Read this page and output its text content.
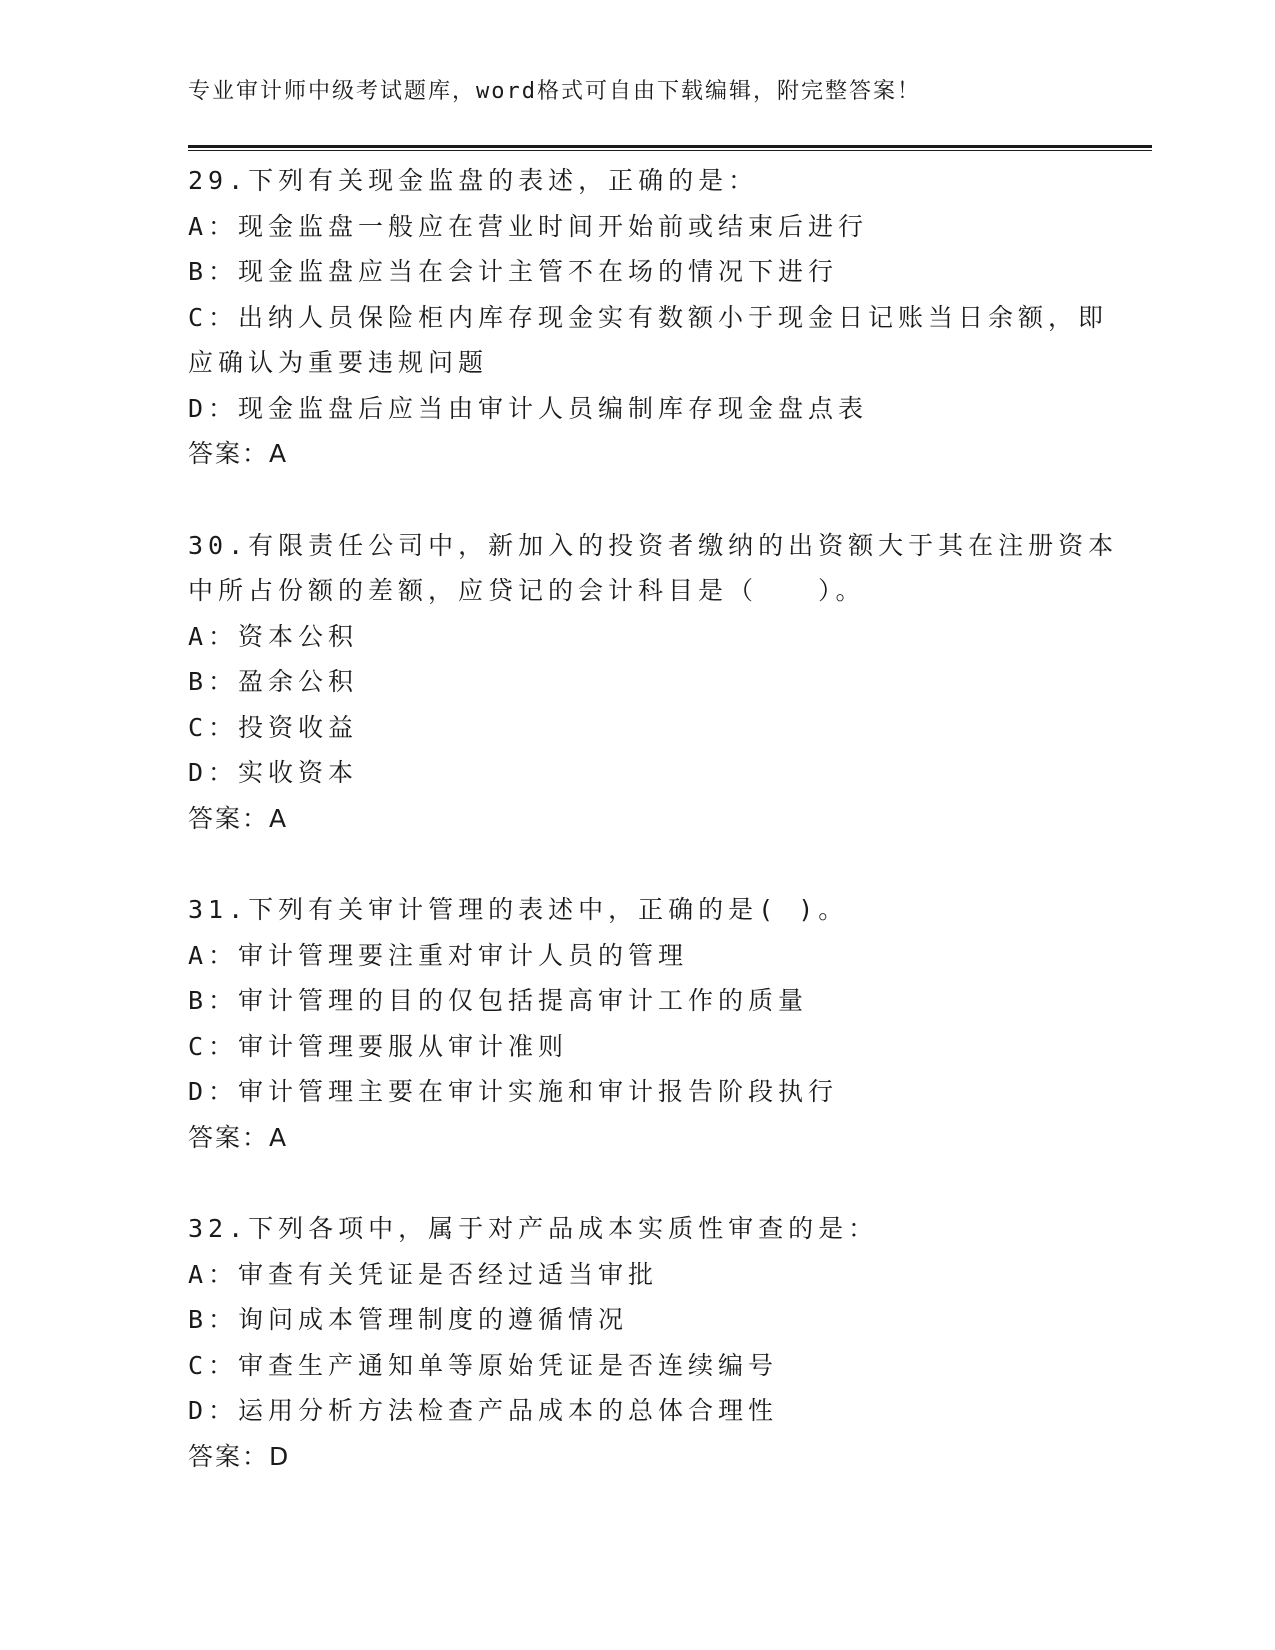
专业审计师中级考试题库，word格式可自由下载编辑，附完整答案！
29.下列有关现金监盘的表述，正确的是：
A：现金监盘一般应在营业时间开始前或结束后进行
B：现金监盘应当在会计主管不在场的情况下进行
C：出纳人员保险柜内库存现金实有数额小于现金日记账当日余额，即
应确认为重要违规问题
D：现金监盘后应当由审计人员编制库存现金盘点表
答案：A
30.有限责任公司中，新加入的投资者缴纳的出资额大于其在注册资本
中所占份额的差额，应贷记的会计科目是（　　）。
A：资本公积
B：盈余公积
C：投资收益
D：实收资本
答案：A
31.下列有关审计管理的表述中，正确的是( )。
A：审计管理要注重对审计人员的管理
B：审计管理的目的仅包括提高审计工作的质量
C：审计管理要服从审计准则
D：审计管理主要在审计实施和审计报告阶段执行
答案：A
32.下列各项中，属于对产品成本实质性审查的是：
A：审查有关凭证是否经过适当审批
B：询问成本管理制度的遵循情况
C：审查生产通知单等原始凭证是否连续编号
D：运用分析方法检查产品成本的总体合理性
答案：D
